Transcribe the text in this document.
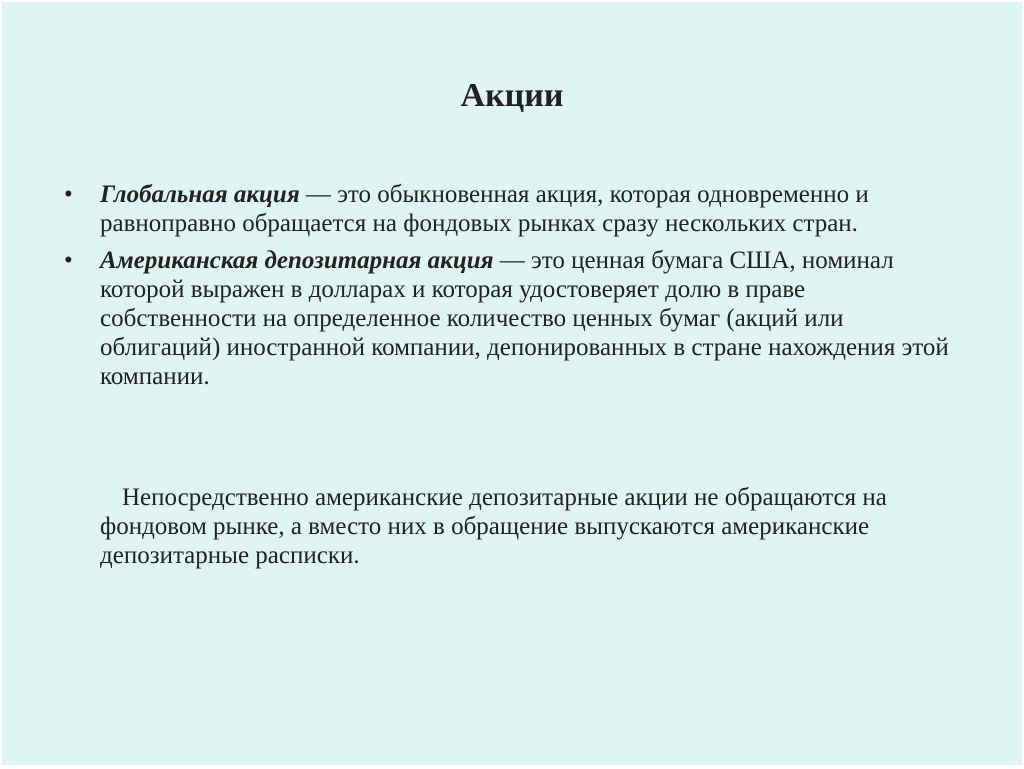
Акции
• Глобальная акция — это обыкновенная акция, которая одновременно и равноправно обращается на фондовых рынках сразу нескольких стран.
• Американская депозитарная акция — это ценная бумага США, номинал которой выражен в долларах и которая удостоверяет долю в праве собственности на определенное количество ценных бумаг (акций или облигаций) иностранной компании, депонированных в стране нахождения этой компании.
Непосредственно американские депозитарные акции не обращаются на фондовом рынке, а вместо них в обращение выпускаются американские депозитарные расписки.
